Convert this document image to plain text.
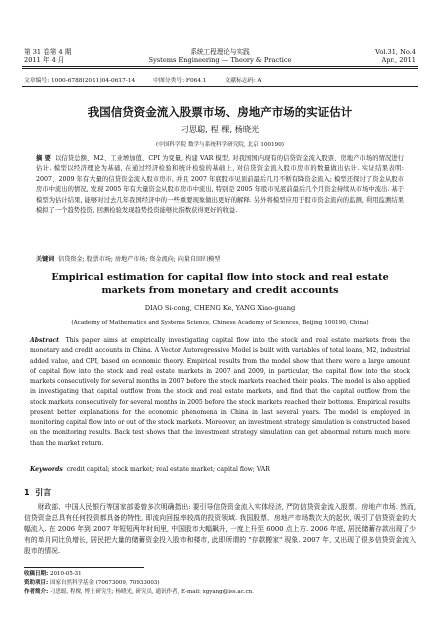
第 31 卷第 4 期
2011 年 4 月
系统工程理论与实践
Systems Engineering — Theory & Practice
Vol.31, No.4
Apr., 2011
文章编号: 1000-6788(2011)04-0617-14	中图分类号: F064.1	文献标志码: A
我国信贷资金流入股票市场、房地产市场的实证估计
刁思聪, 程 棵, 杨晓光
(中国科学院 数学与系统科学研究院, 北京 100190)
摘 要 以信贷总额、M2、工业增加值、CPI 为变量, 构建 VAR 模型, 对我国国内现有的信贷资金流入股票、房地产市场的情况进行估计. 模型以经济理论为基础, 在通过经济检验和统计检验的基础上, 对信贷资金流入股市房市的数量做出估计. 实证结果表明: 2007、2009 年有大量的信贷资金流入股市房市, 并且 2007 年底股市见顶前最后几月不断有降资金流入; 模型还探讨了资金从股市房市中流出的情况, 发现 2005 年有大量资金从股市房市中流出, 特别是 2005 年股市见底前最后几个月资金持续从市场中流出. 基于模型为估计结果, 能够对过去几年我国经济中的一些重要现象做出更好的解释. 另外将模型应用于股市资金流向的监测, 利用监测结果模拟了一个趋势投资, 回测检验发现趋势投资能够比指数获得更好的收益.
关键词 信贷资金; 股票市场; 房地产市场; 资金流向; 向量自回归模型
Empirical estimation for capital flow into stock and real estate markets from monetary and credit accounts
DIAO Si-cong, CHENG Ke, YANG Xiao-guang
(Academy of Mathematics and Systems Science, Chinese Academy of Sciences, Beijing 100190, China)
Abstract This paper aims at empirically investigating capital flow into the stock and real estate markets from the monetary and credit accounts in China. A Vector Autoregressive Model is built with variables of total loans, M2, industrial added value, and CPI, based on economic theory. Empirical results from the model show that there were a large amount of capital flow into the stock and real estate markets in 2007 and 2009, in particular, the capital flow into the stock markets consecutively for several months in 2007 before the stock markets reached their peaks. The model is also applied in investigating that capital outflow from the stock and real estate markets, and find that the capital outflow from the stock markets consecutively for several months in 2005 before the stock markets reached their bottoms. Empirical results present better explanations for the economic phenomena in China in last several years. The model is employed in monitoring capital flow into or out of the stock markets. Moreover, an investment strategy simulation is constructed based on the monitoring results. Back test shows that the investment strategy simulation can get abnormal return much more than the market return.
Keywords credit capital; stock market; real estate market; capital flow; VAR
1 引言
财政部、中国人民银行等国家部委曾多次明确指出: 要引导信贷资金流入实体经济, 严防信贷资金流入股票、房地产市场. 然而, 信贷资金总具有任何投资都具备的特性, 即流向回报率较高的投资领域. 我国股票、房地产市场数次大的起伏, 吸引了信贷资金的大幅流入. 在 2006 年到 2007 年短短两年时间里, 中国股市大幅飙升, 一度上升至 6000 点上方. 2006 年底, 居民储蓄存款出现了少有的单月同比负增长, 居民把大量的储蓄资金投入股市和楼市, 此即所谓的 "存款搬家" 现象. 2007 年, 又出现了很多信贷资金流入股市的情况.
收稿日期: 2010-05-31
资助项目: 国家自然科学基金 (70673009, 70933003)
作者简介: 刁思聪, 程棵, 博士研究生; 杨晓光, 研究员, 通讯作者, E-mail: xgyang@iss.ac.cn.
